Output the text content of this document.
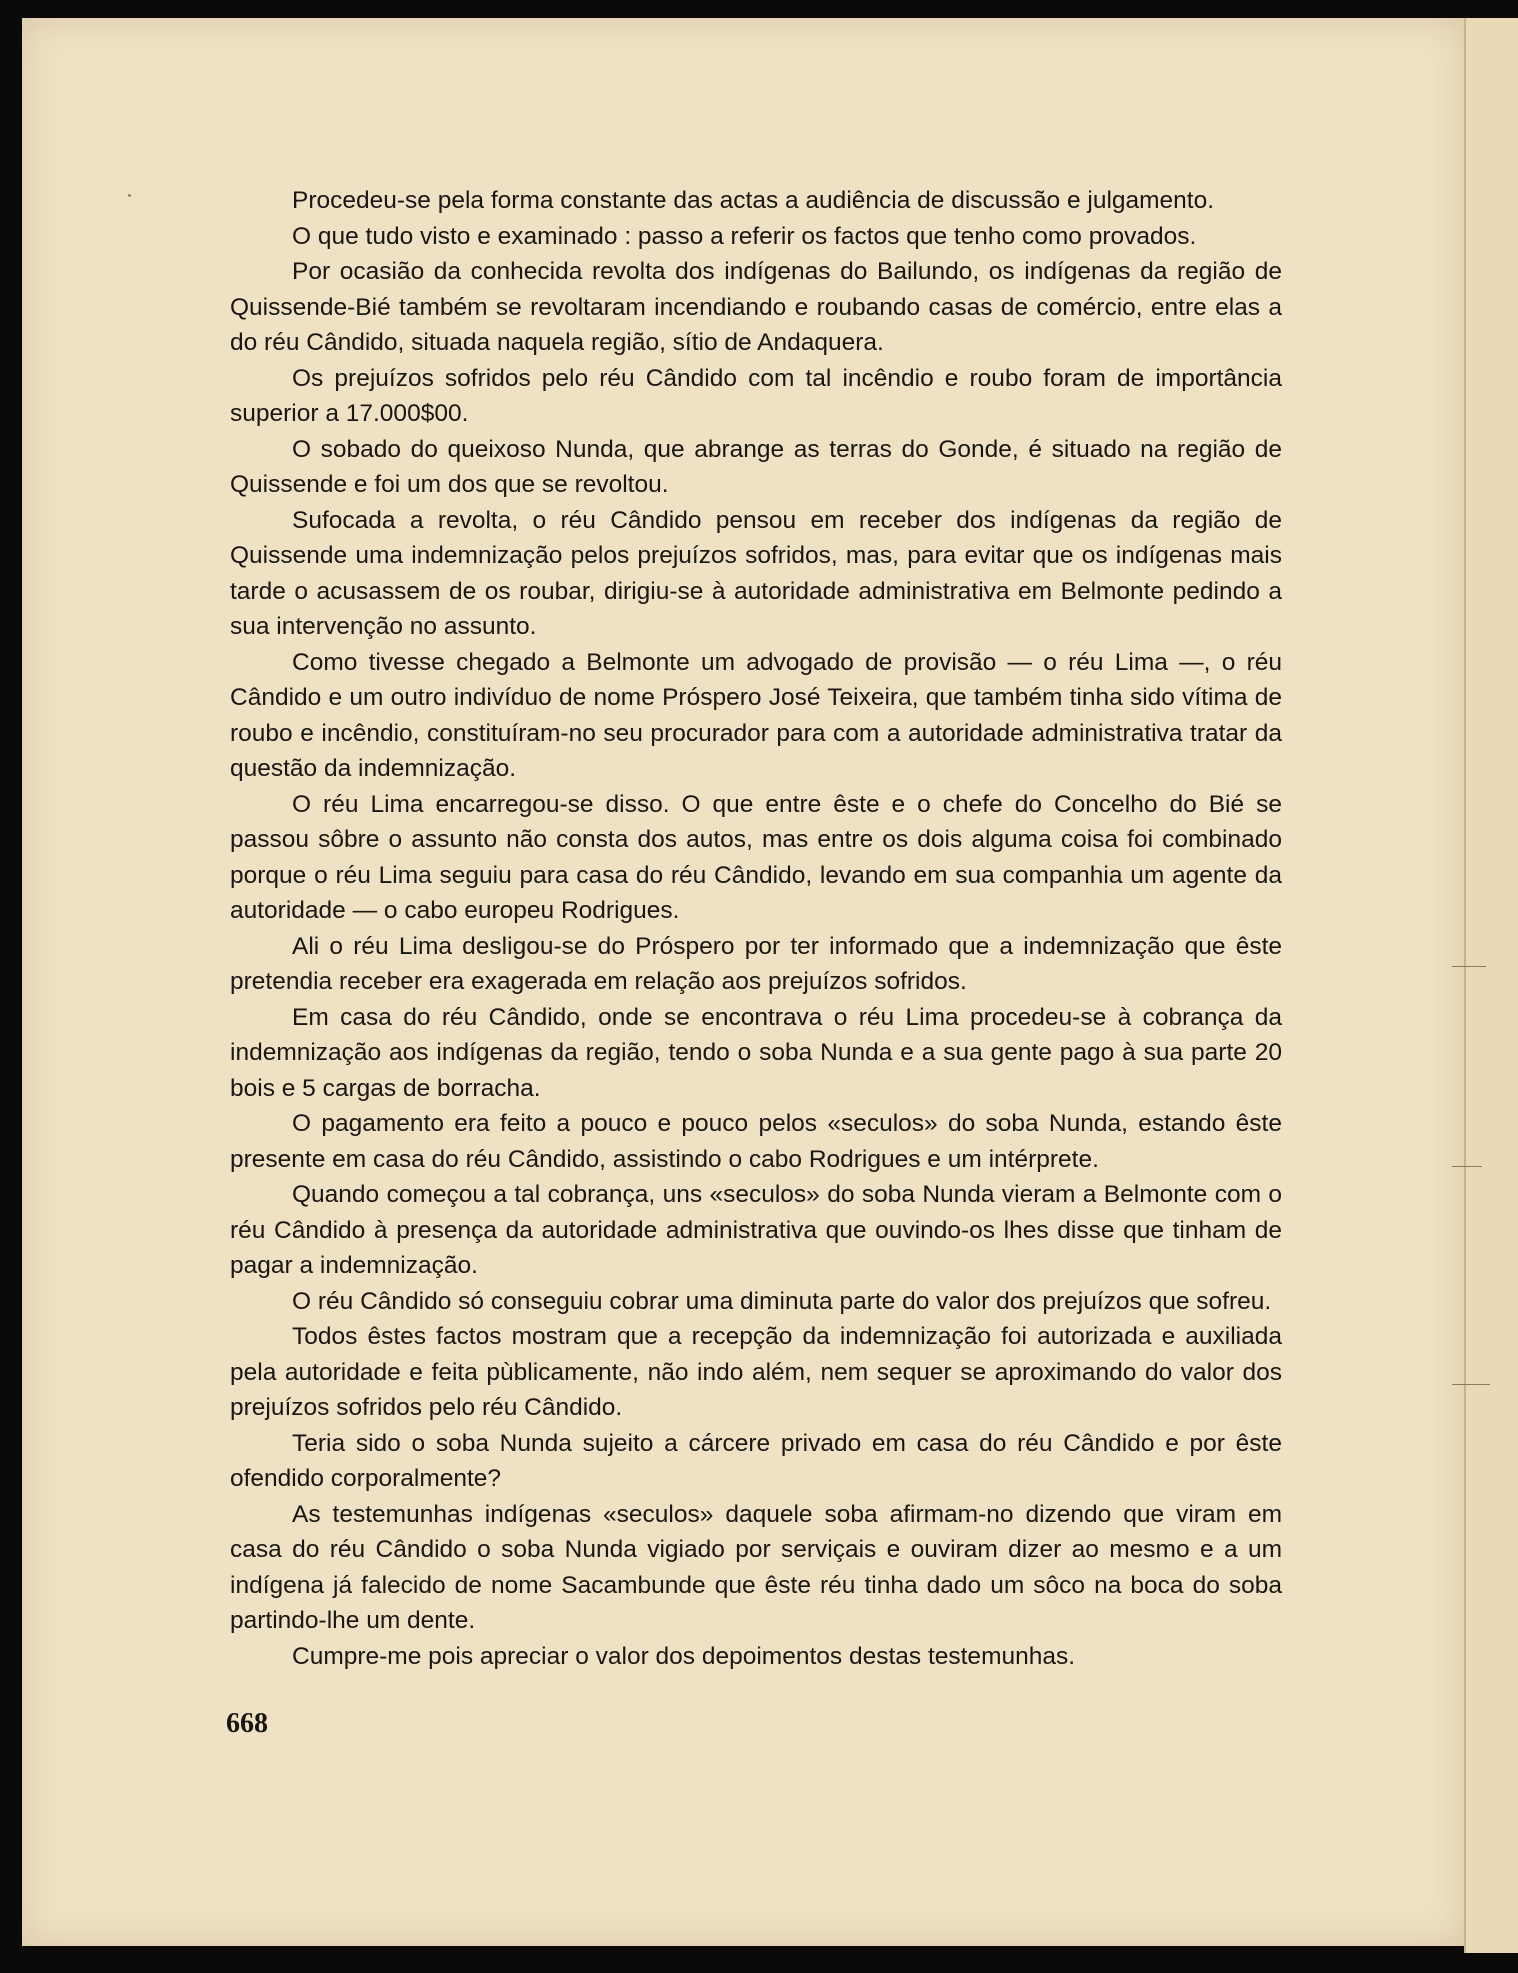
Procedeu-se pela forma constante das actas a audiência de discussão e julgamento.

O que tudo visto e examinado : passo a referir os factos que tenho como provados.

Por ocasião da conhecida revolta dos indígenas do Bailundo, os indígenas da região de Quissende-Bié também se revoltaram incendiando e roubando casas de comércio, entre elas a do réu Cândido, situada naquela região, sítio de Andaquera.

Os prejuízos sofridos pelo réu Cândido com tal incêndio e roubo foram de importância superior a 17.000$00.

O sobado do queixoso Nunda, que abrange as terras do Gonde, é situado na região de Quissende e foi um dos que se revoltou.

Sufocada a revolta, o réu Cândido pensou em receber dos indígenas da região de Quissende uma indemnização pelos prejuízos sofridos, mas, para evitar que os indígenas mais tarde o acusassem de os roubar, dirigiu-se à autoridade administrativa em Belmonte pedindo a sua intervenção no assunto.

Como tivesse chegado a Belmonte um advogado de provisão — o réu Lima —, o réu Cândido e um outro indivíduo de nome Próspero José Teixeira, que também tinha sido vítima de roubo e incêndio, constituíram-no seu procurador para com a autoridade administrativa tratar da questão da indemnização.

O réu Lima encarregou-se disso. O que entre êste e o chefe do Concelho do Bié se passou sôbre o assunto não consta dos autos, mas entre os dois alguma coisa foi combinado porque o réu Lima seguiu para casa do réu Cândido, levando em sua companhia um agente da autoridade — o cabo europeu Rodrigues.

Ali o réu Lima desligou-se do Próspero por ter informado que a indemnização que êste pretendia receber era exagerada em relação aos prejuízos sofridos.

Em casa do réu Cândido, onde se encontrava o réu Lima procedeu-se à cobrança da indemnização aos indígenas da região, tendo o soba Nunda e a sua gente pago à sua parte 20 bois e 5 cargas de borracha.

O pagamento era feito a pouco e pouco pelos «seculos» do soba Nunda, estando êste presente em casa do réu Cândido, assistindo o cabo Rodrigues e um intérprete.

Quando começou a tal cobrança, uns «seculos» do soba Nunda vieram a Belmonte com o réu Cândido à presença da autoridade administrativa que ouvindo-os lhes disse que tinham de pagar a indemnização.

O réu Cândido só conseguiu cobrar uma diminuta parte do valor dos prejuízos que sofreu.

Todos êstes factos mostram que a recepção da indemnização foi autorizada e auxiliada pela autoridade e feita pùblicamente, não indo além, nem sequer se aproximando do valor dos prejuízos sofridos pelo réu Cândido.

Teria sido o soba Nunda sujeito a cárcere privado em casa do réu Cândido e por êste ofendido corporalmente?

As testemunhas indígenas «seculos» daquele soba afirmam-no dizendo que viram em casa do réu Cândido o soba Nunda vigiado por serviçais e ouviram dizer ao mesmo e a um indígena já falecido de nome Sacambunde que êste réu tinha dado um sôco na boca do soba partindo-lhe um dente.

Cumpre-me pois apreciar o valor dos depoimentos destas testemunhas.

668
